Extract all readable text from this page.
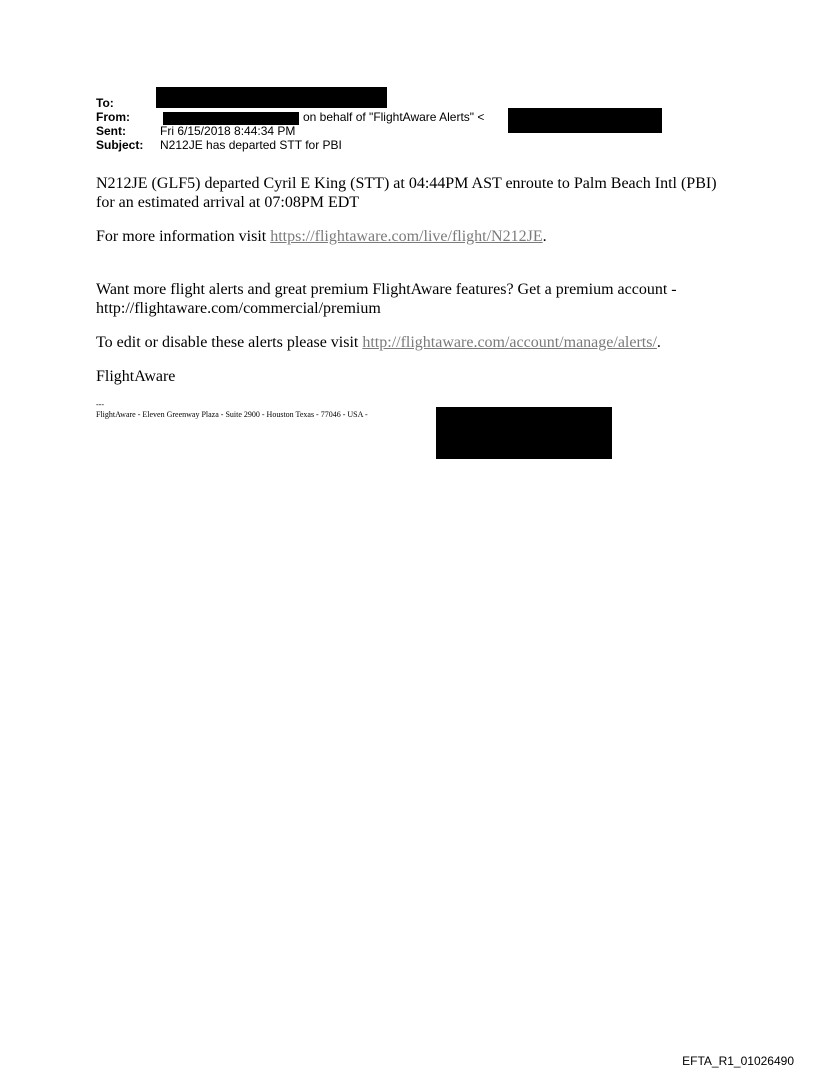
To:
From:	on behalf of "FlightAware Alerts" <
Sent:	Fri 6/15/2018 8:44:34 PM
Subject: N212JE has departed STT for PBI

N212JE (GLF5) departed Cyril E King (STT) at 04:44PM AST enroute to Palm Beach Intl (PBI) for an estimated arrival at 07:08PM EDT

For more information visit https://flightaware.com/live/flight/N212JE.

Want more flight alerts and great premium FlightAware features? Get a premium account - http://flightaware.com/commercial/premium

To edit or disable these alerts please visit http://flightaware.com/account/manage/alerts/.

FlightAware

---
FlightAware - Eleven Greenway Plaza - Suite 2900 - Houston Texas - 77046 - USA -
EFTA_R1_01026490
